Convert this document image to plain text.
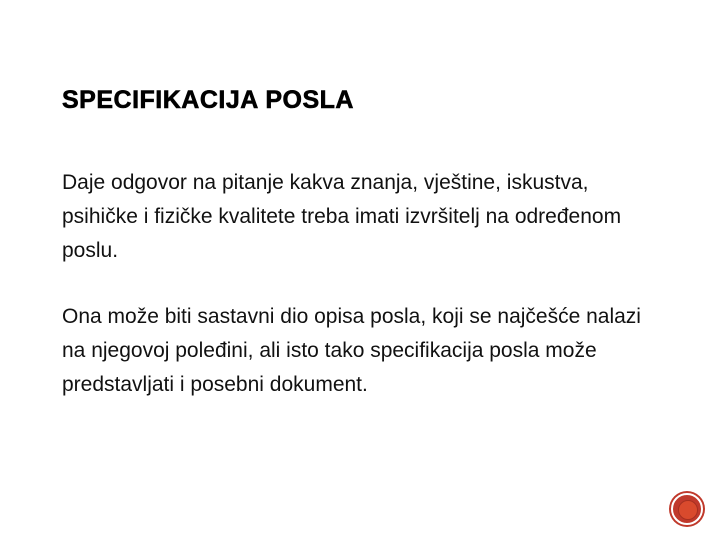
SPECIFIKACIJA POSLA

Daje odgovor na pitanje kakva znanja, vještine, iskustva,

psihičke i fizičke kvalitete treba imati izvršitelj na određenom

poslu.

Ona može biti sastavni dio opisa posla, koji se najčešće nalazi

na njegovoj poleđini, ali isto tako specifikacija posla može

predstavljati i posebni dokument.
